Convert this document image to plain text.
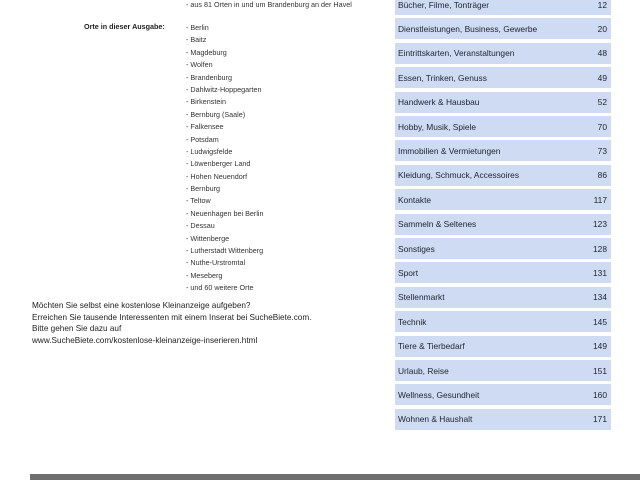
- aus 81 Orten in und um Brandenburg an der Havel
Orte in dieser Ausgabe:	- Berlin
- Baitz
- Magdeburg
- Wolfen
- Brandenburg
- Dahlwitz-Hoppegarten
- Birkenstein
- Bernburg (Saale)
- Falkensee
- Potsdam
- Ludwigsfelde
- Löwenberger Land
- Hohen Neuendorf
- Bernburg
- Teltow
- Neuenhagen bei Berlin
- Dessau
- Wittenberge
- Lutherstadt Wittenberg
- Nuthe-Urstromtal
- Meseberg
- und 60 weitere Orte
Möchten Sie selbst eine kostenlose Kleinanzeige aufgeben?
Erreichen Sie tausende Interessenten mit einem Inserat bei SucheBiete.com.
Bitte gehen Sie dazu auf
www.SucheBiete.com/kostenlose-kleinanzeige-inserieren.html
Bücher, Filme, Tonträger	12
Dienstleistungen, Business, Gewerbe	20
Eintrittskarten, Veranstaltungen	48
Essen, Trinken, Genuss	49
Handwerk & Hausbau	52
Hobby, Musik, Spiele	70
Immobilien & Vermietungen	73
Kleidung, Schmuck, Accessoires	86
Kontakte	117
Sammeln & Seltenes	123
Sonstiges	128
Sport	131
Stellenmarkt	134
Technik	145
Tiere & Tierbedarf	149
Urlaub, Reise	151
Wellness, Gesundheit	160
Wohnen & Haushalt	171
